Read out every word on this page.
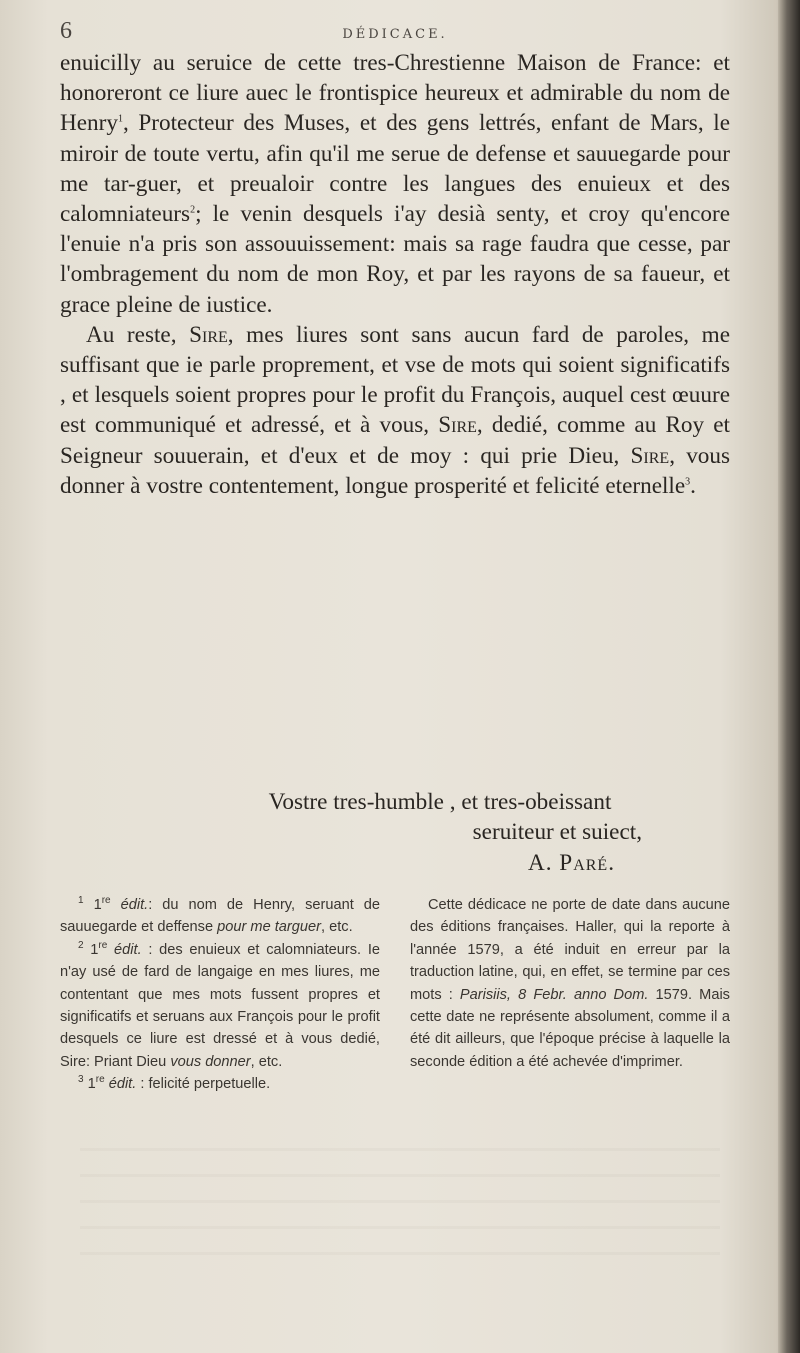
6	DÉDICACE.

enuicilly au seruice de cette tres-Chrestienne Maison de France: et honoreront ce liure auec le frontispice heureux et admirable du nom de Henry$^1$, Protecteur des Muses, et des gens lettrés, enfant de Mars, le miroir de toute vertu, afin qu'il me serue de defense et sauuegarde pour me tar-guer, et preualoir contre les langues des enuieux et des calomniateurs$^2$; le venin desquels i'ay desià senty, et croy qu'encore l'enuie n'a pris son assouuissement: mais sa rage faudra que cesse, par l'ombragement du nom de mon Roy, et par les rayons de sa faueur, et grace pleine de iustice.

Au reste, Sire, mes liures sont sans aucun fard de paroles, me suffisant que ie parle proprement, et vse de mots qui soient significatifs , et lesquels soient propres pour le profit du François, auquel cest œuure est communiqué et adressé, et à vous, Sire, dedié, comme au Roy et Seigneur souuerain, et d'eux et de moy : qui prie Dieu, Sire, vous donner à vostre contentement, longue prosperité et felicité eternelle$^3$.

Vostre tres-humble , et tres-obeissant
seruiteur et suiect,
A. Paré.

$^1$ 1re édit.: du nom de Henry, seruant de sauuegarde et deffense pour me targuer, etc.

$^2$ 1re édit. : des enuieux et calomniateurs. Ie n'ay usé de fard de langaige en mes liures, me contentant que mes mots fussent propres et significatifs et seruans aux François pour le profit desquels ce liure est dressé et à vous dedié, Sire: Priant Dieu vous donner, etc.

$^3$ 1re édit. : felicité perpetuelle.

Cette dédicace ne porte de date dans aucune des éditions françaises. Haller, qui la reporte à l'année 1579, a été induit en erreur par la traduction latine, qui, en effet, se termine par ces mots : Parisiis, 8 Febr. anno Dom. 1579. Mais cette date ne représente absolument, comme il a été dit ailleurs, que l'époque précise à laquelle la seconde édition a été achevée d'imprimer.
